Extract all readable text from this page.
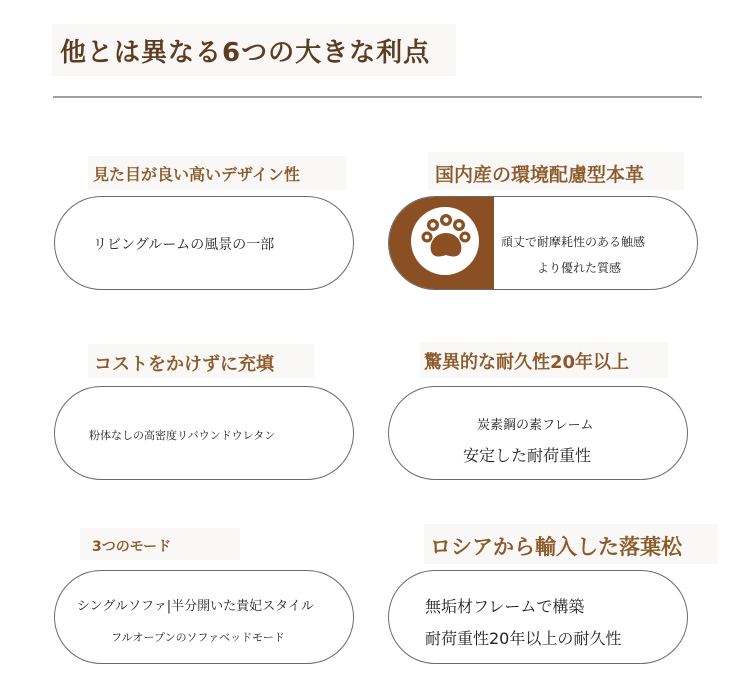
他とは異なる6つの大きな利点
見た目が良い高いデザイン性

リビングルームの風景の一部

国内産の環境配慮型本革

頑丈で耐摩耗性のある触感

より優れた質感

コストをかけずに充填

粉体なしの高密度リバウンドウレタン

驚異的な耐久性20年以上

炭素鋼の素フレーム

安定した耐荷重性

3つのモード

シングルソファ|半分開いた貴妃スタイル

フルオープンのソファベッドモード

ロシアから輸入した落葉松

無垢材フレームで構築

耐荷重性20年以上の耐久性
